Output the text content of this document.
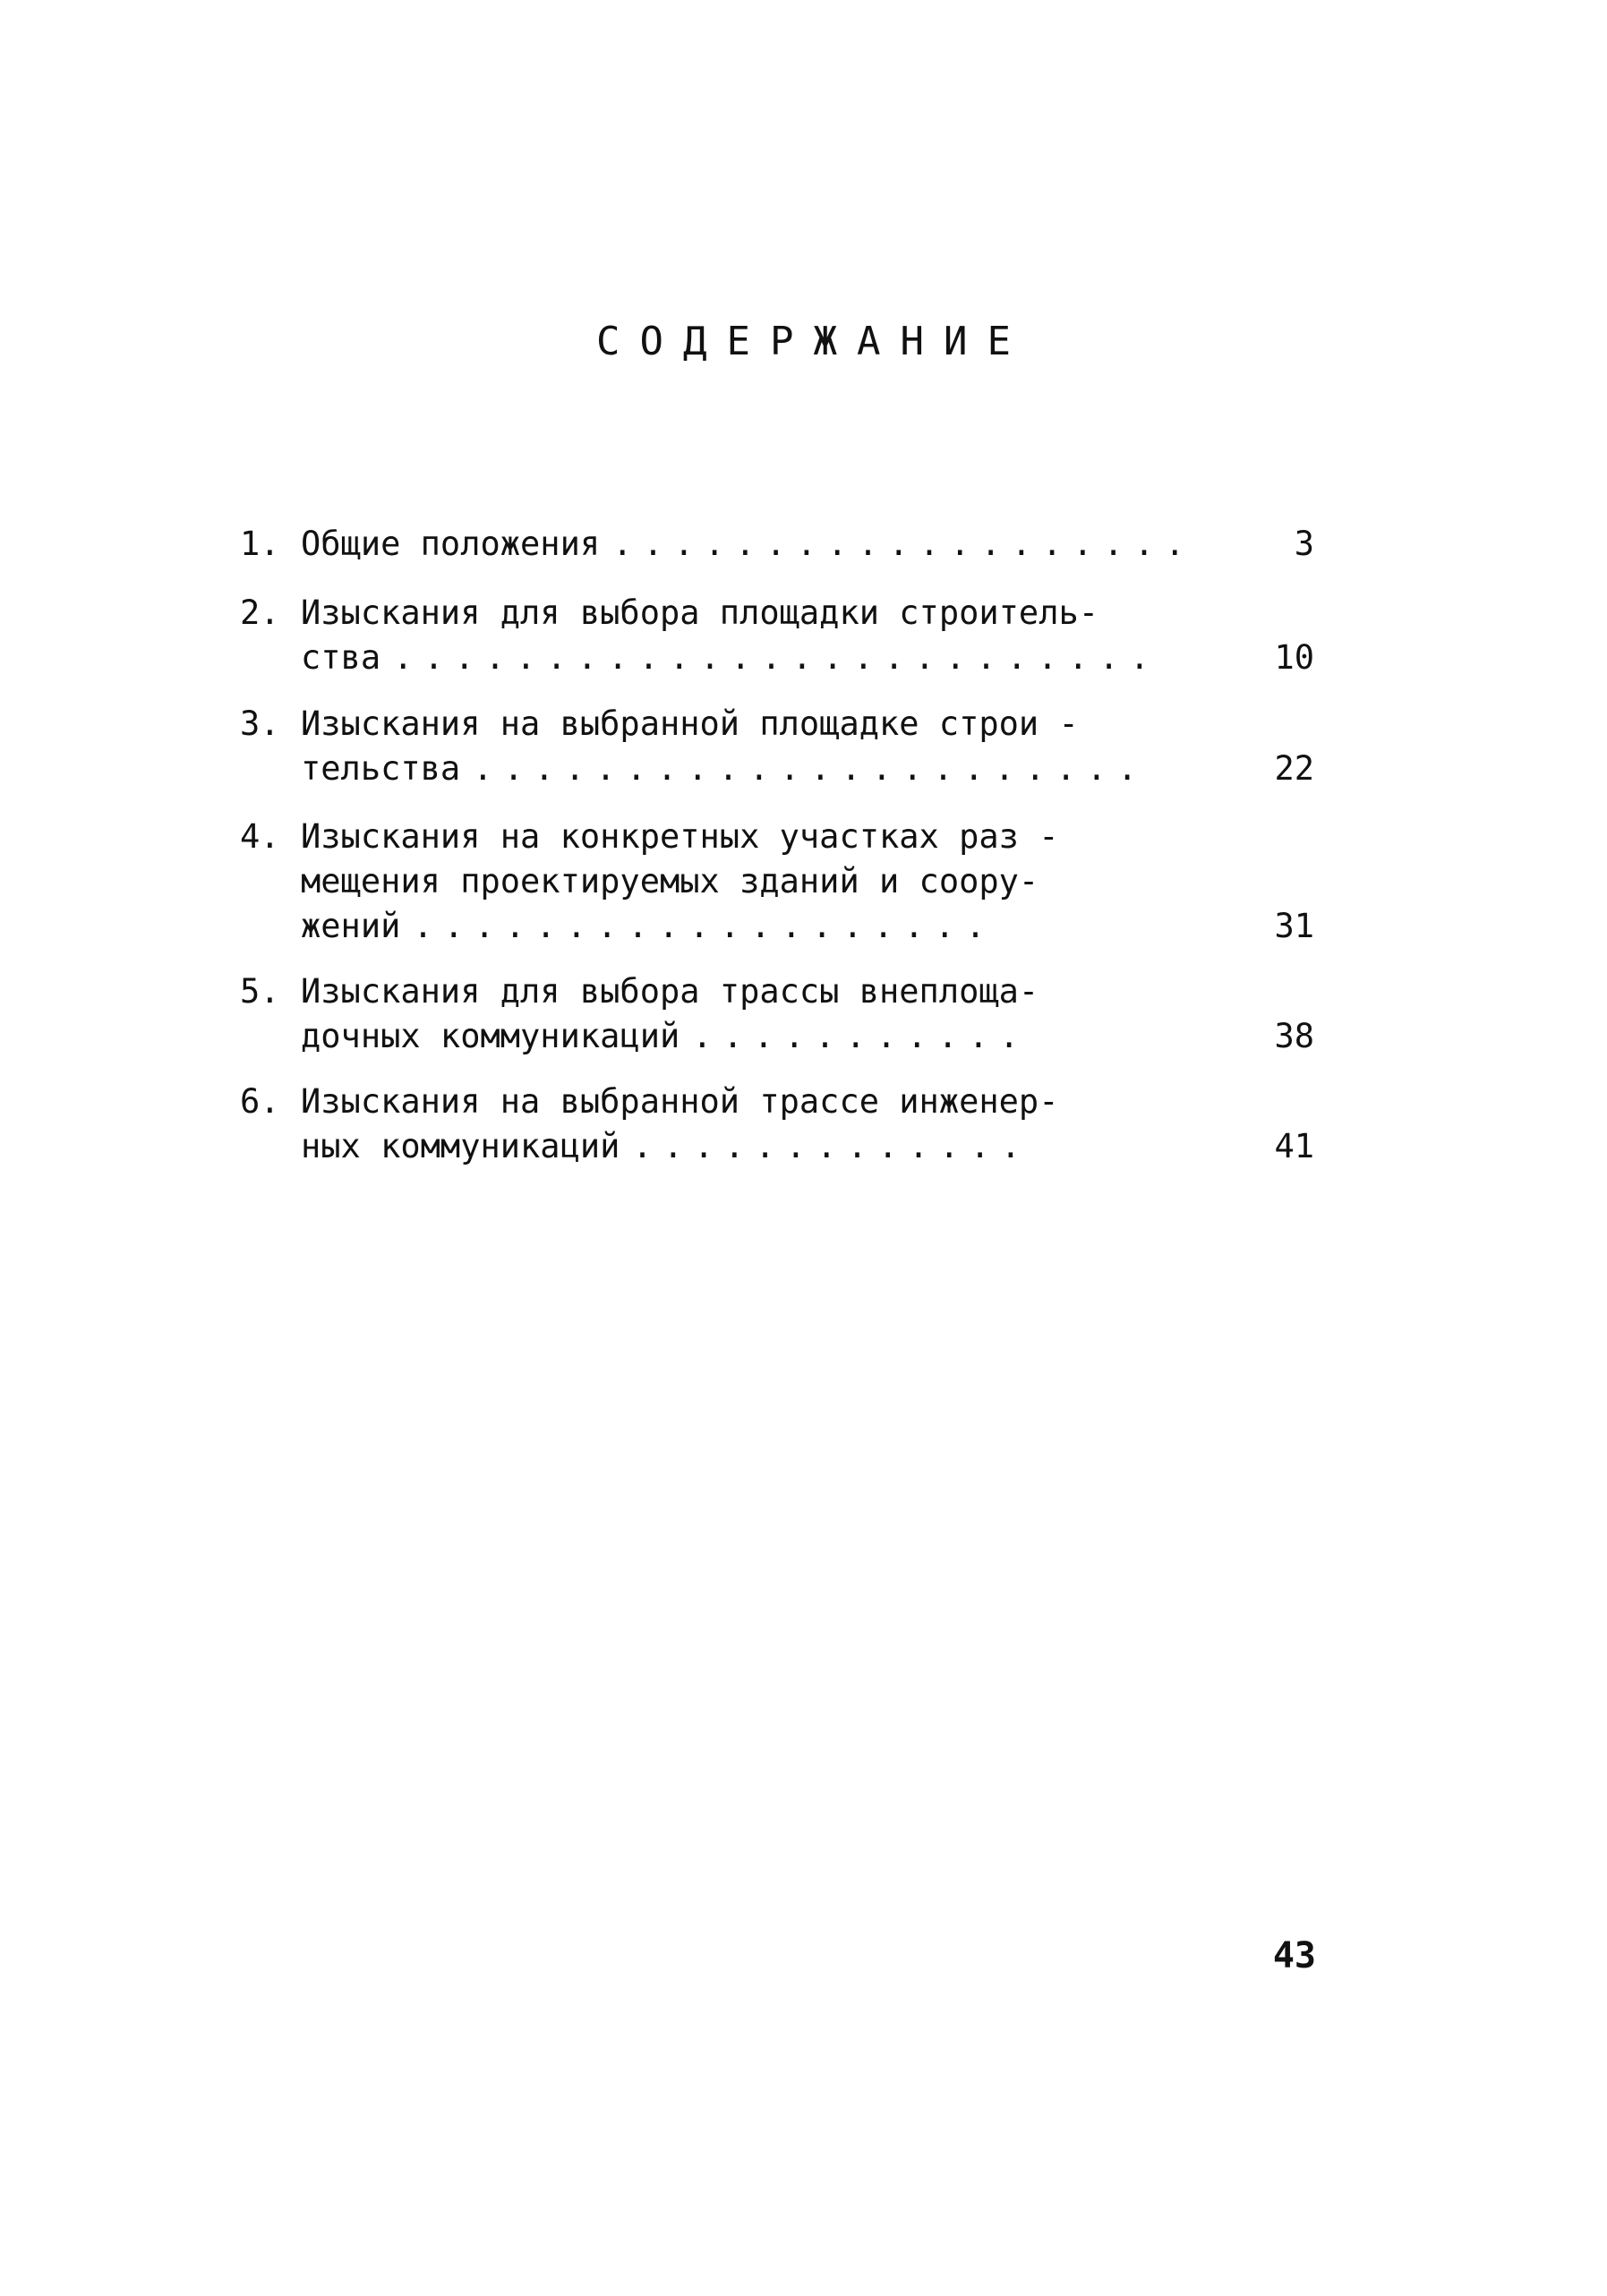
СОДЕРЖАНИЕ
1. Общие положения ...................	3
2. Изыскания для выбора площадки строитель-
ства .........................	10
3. Изыскания на выбранной площадке строи -
тельства ......................	22
4. Изыскания на конкретных участках раз -
мещения проектируемых зданий и соору-
жений ...................	31
5. Изыскания для выбора трассы внеплоща-
дочных коммуникаций ...........	38
6. Изыскания на выбранной трассе инженер-
ных коммуникаций .............	41
43
